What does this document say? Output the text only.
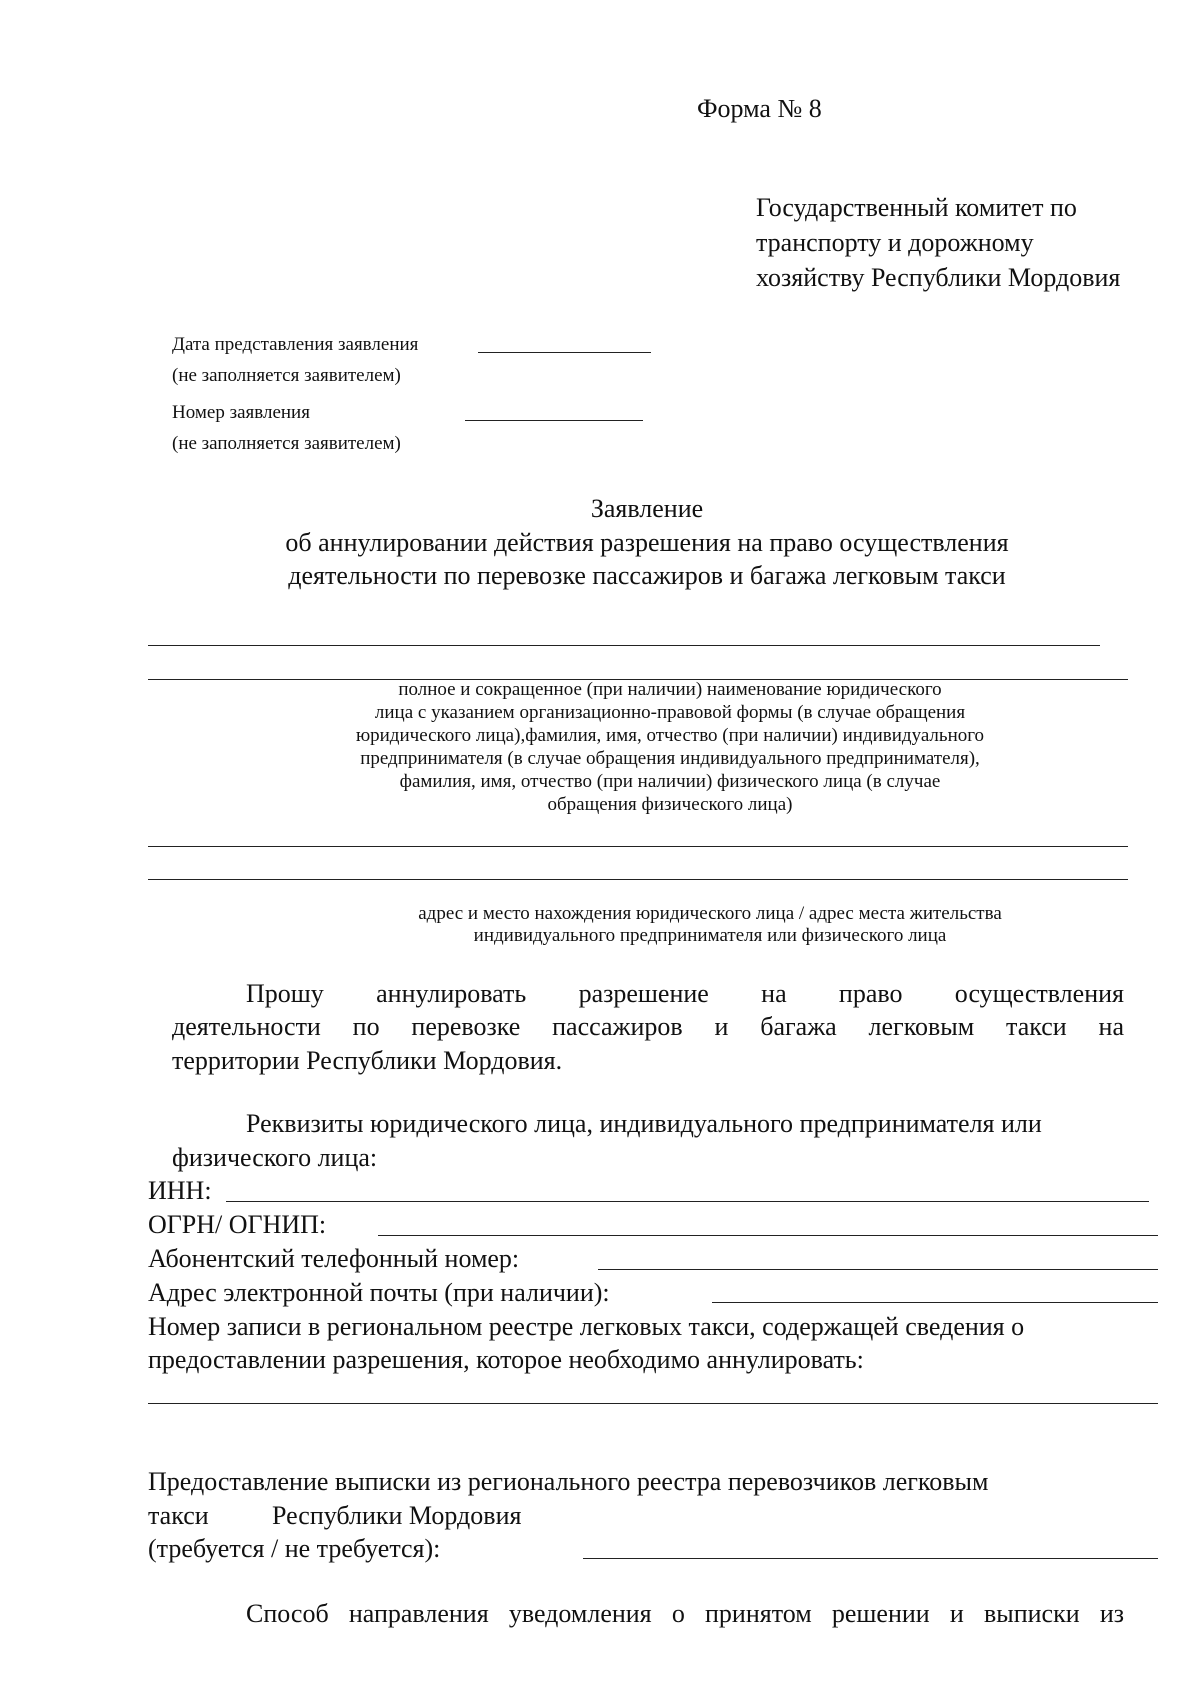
Форма № 8
Государственный комитет по
транспорту и дорожному
хозяйству Республики Мордовия
Дата представления заявления
(не заполняется заявителем)
Номер заявления
(не заполняется заявителем)
Заявление
об аннулировании действия разрешения на право осуществления
деятельности по перевозке пассажиров и багажа легковым такси
полное и сокращенное (при наличии) наименование юридического
лица с указанием организационно-правовой формы (в случае обращения
юридического лица),фамилия, имя, отчество (при наличии) индивидуального
предпринимателя (в случае обращения индивидуального предпринимателя),
фамилия, имя, отчество (при наличии) физического лица (в случае
обращения физического лица)
адрес и место нахождения юридического лица / адрес места жительства
индивидуального предпринимателя или физического лица
Прошу аннулировать разрешение на право осуществления
деятельности по перевозке пассажиров и багажа легковым такси на
территории Республики Мордовия.
Реквизиты юридического лица, индивидуального предпринимателя или
физического лица:
ИНН:
ОГРН/ ОГНИП:
Абонентский телефонный номер:
Адрес электронной почты (при наличии):
Номер записи в региональном реестре легковых такси, содержащей сведения о
предоставлении разрешения, которое необходимо аннулировать:
Предоставление выписки из регионального реестра перевозчиков легковым
такси Республики Мордовия
(требуется / не требуется):
Способ направления уведомления о принятом решении и выписки из
